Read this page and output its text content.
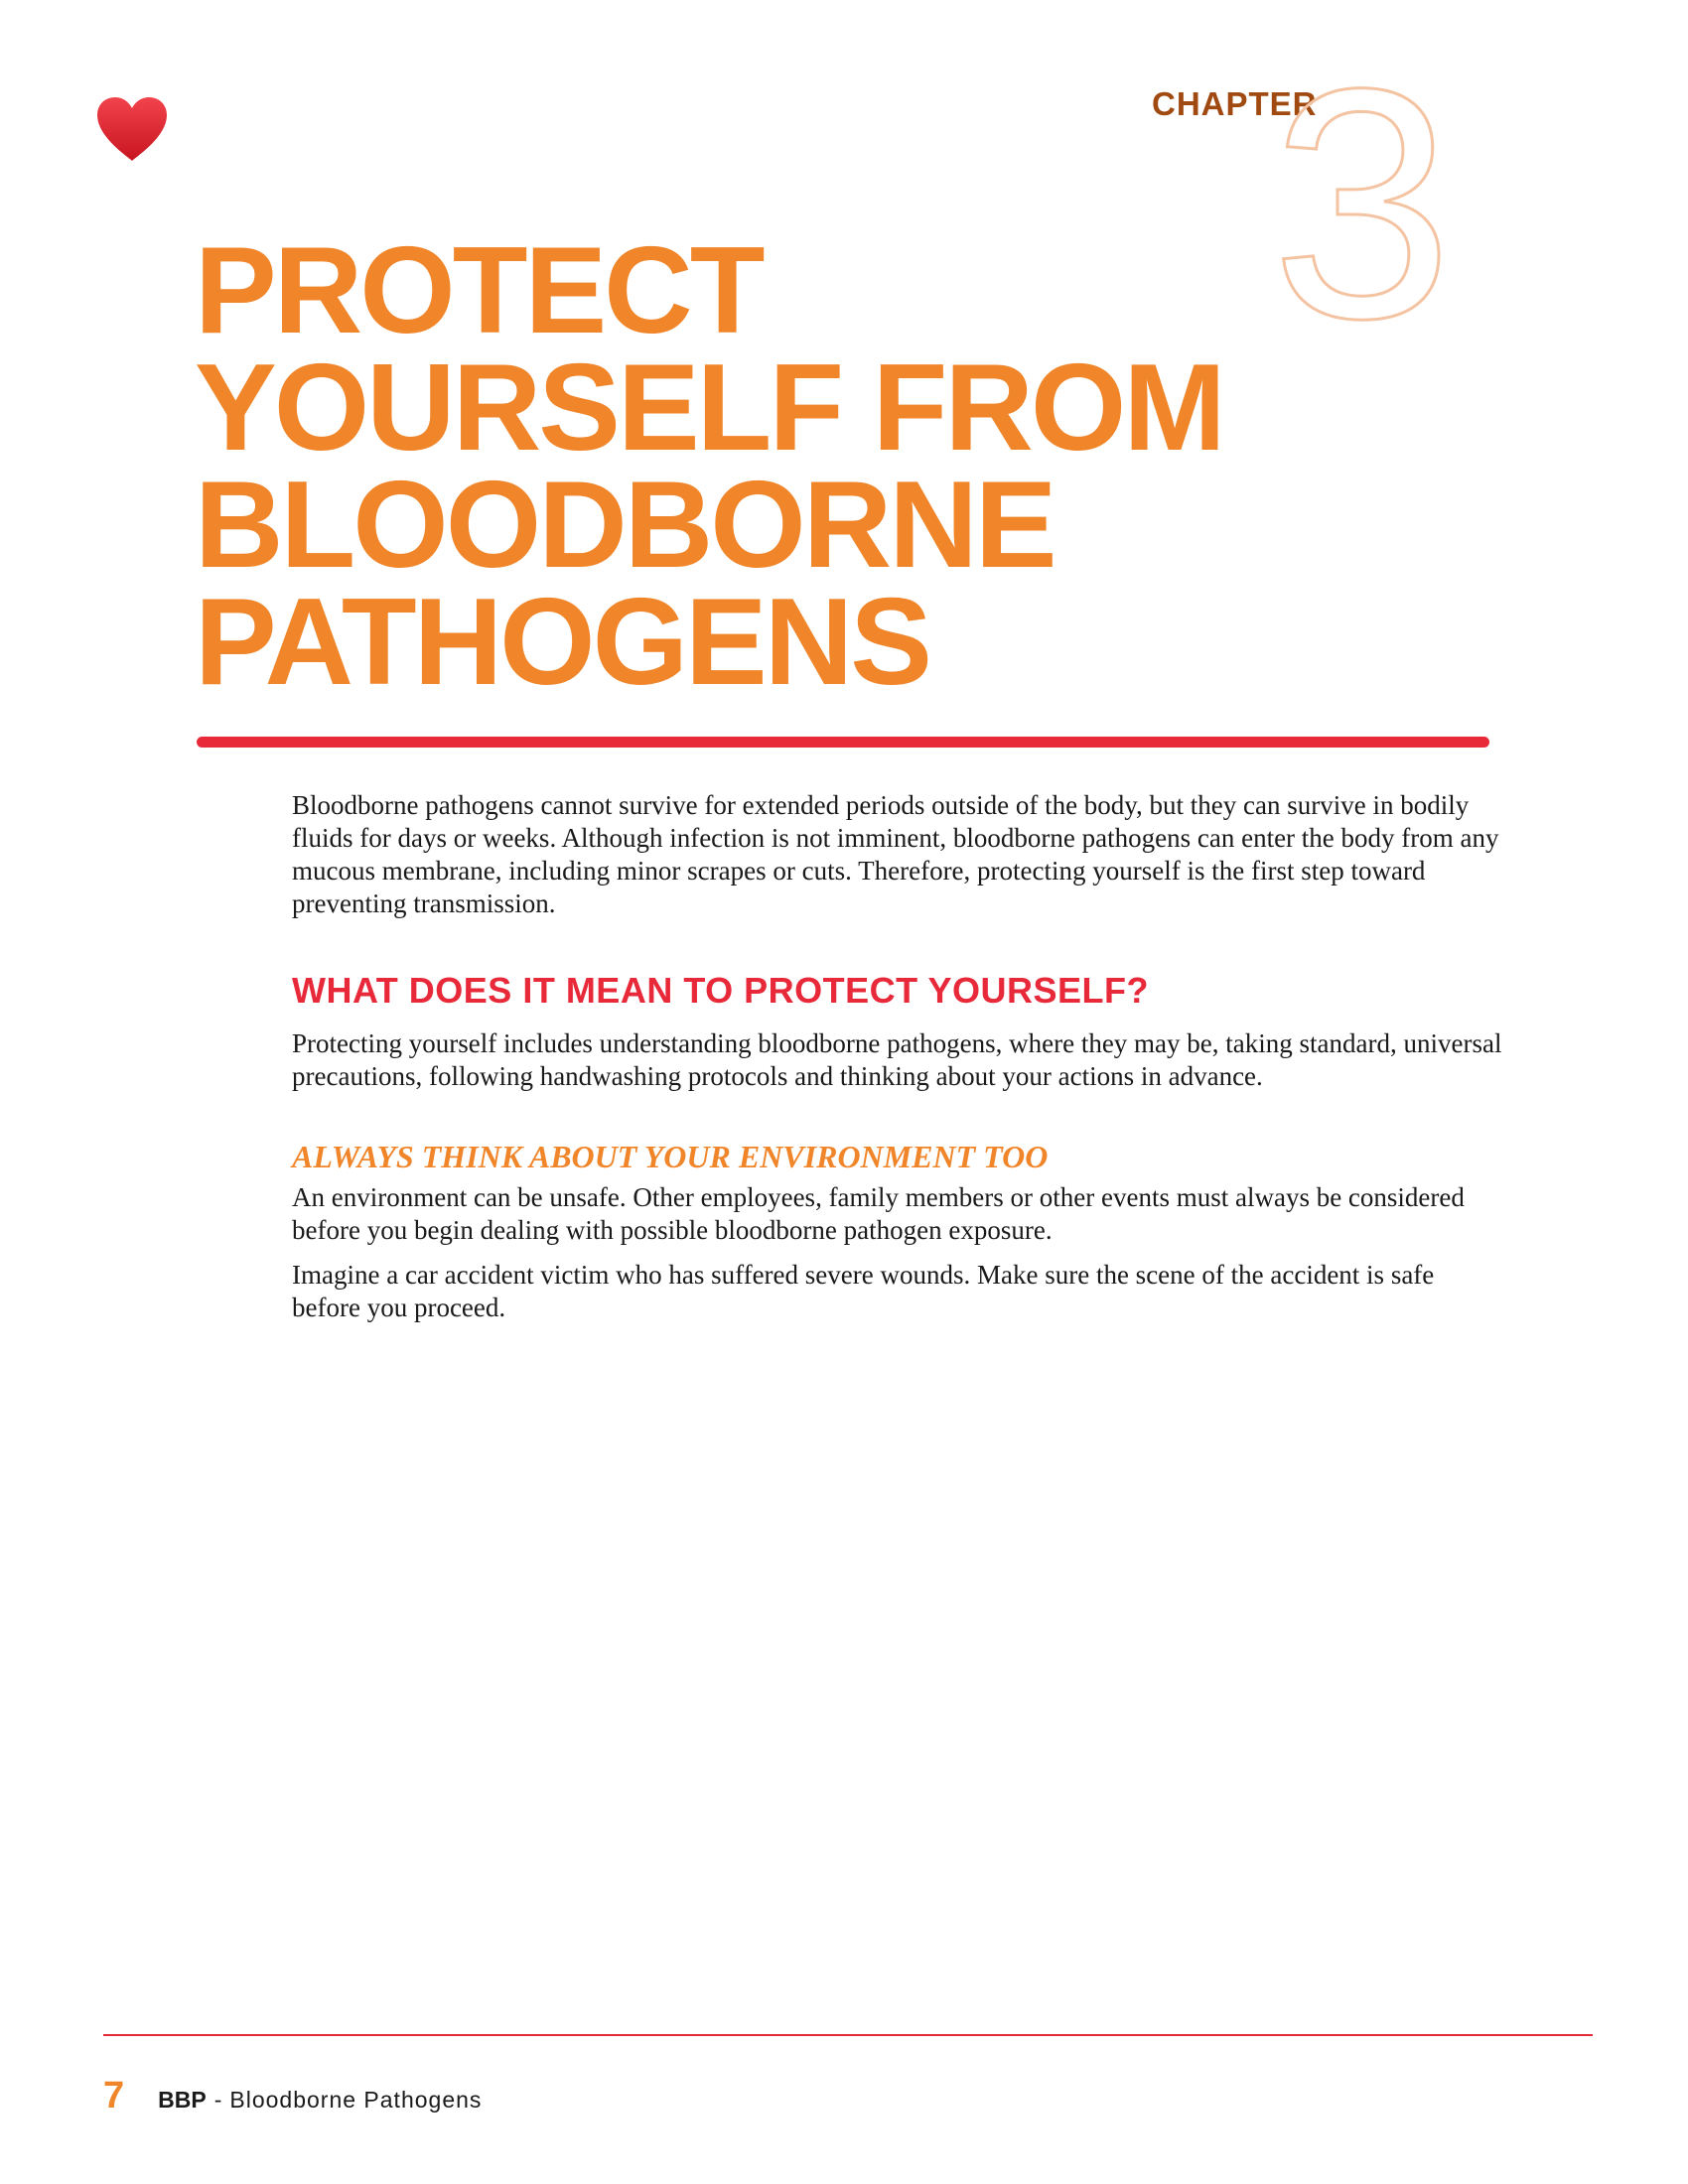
CHAPTER
3
PROTECT
YOURSELF FROM
BLOODBORNE
PATHOGENS

Bloodborne pathogens cannot survive for extended periods outside of the body, but they can survive in bodily fluids for days or weeks. Although infection is not imminent, bloodborne pathogens can enter the body from any mucous membrane, including minor scrapes or cuts. Therefore, protecting yourself is the first step toward preventing transmission.

WHAT DOES IT MEAN TO PROTECT YOURSELF?

Protecting yourself includes understanding bloodborne pathogens, where they may be, taking standard, universal precautions, following handwashing protocols and thinking about your actions in advance.

ALWAYS THINK ABOUT YOUR ENVIRONMENT TOO

An environment can be unsafe. Other employees, family members or other events must always be considered before you begin dealing with possible bloodborne pathogen exposure.

Imagine a car accident victim who has suffered severe wounds. Make sure the scene of the accident is safe before you proceed.

7 BBP - Bloodborne Pathogens
